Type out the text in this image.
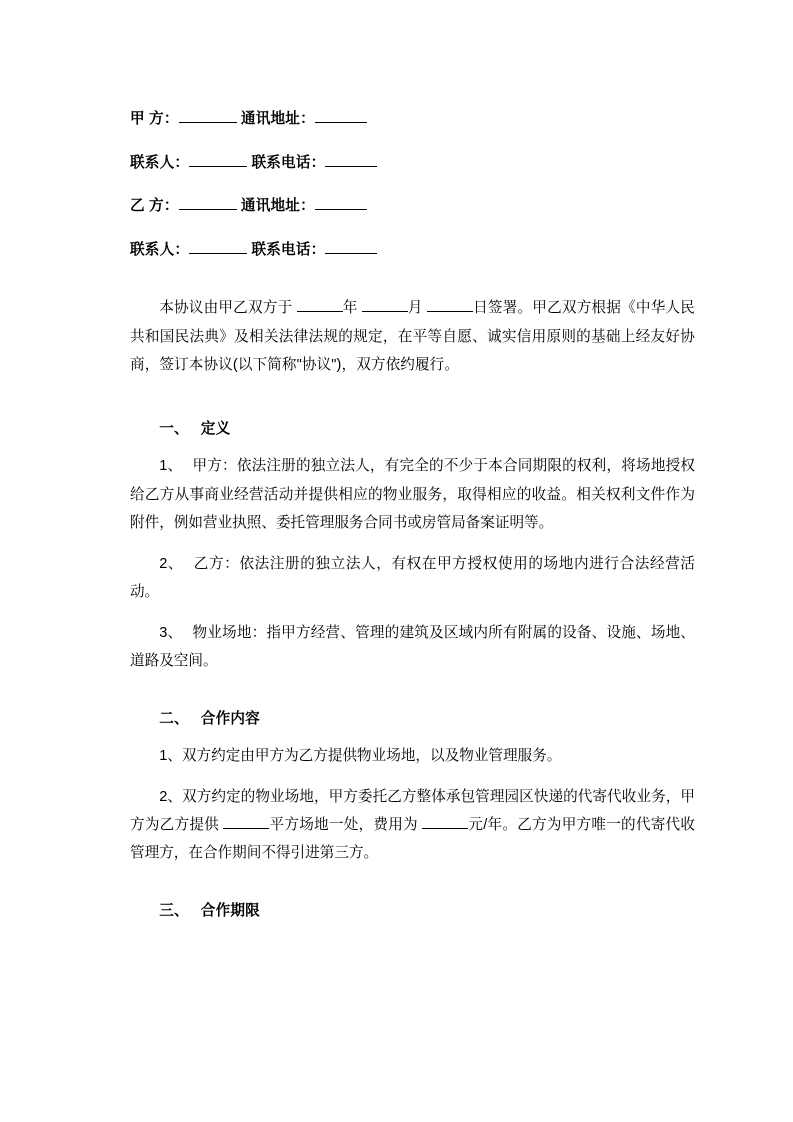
甲 方：	通讯地址：

联系人：	联系电话：

乙 方：	通讯地址：

联系人：	联系电话：

本协议由甲乙双方于	年	月	日签署。甲乙双方根据《中华人民共和国民法典》及相关法律法规的规定，在平等自愿、诚实信用原则的基础上经友好协商，签订本协议(以下简称"协议")，双方依约履行。

一、 定义

1、 甲方：依法注册的独立法人，有完全的不少于本合同期限的权利，将场地授权给乙方从事商业经营活动并提供相应的物业服务，取得相应的收益。相关权利文件作为附件，例如营业执照、委托管理服务合同书或房管局备案证明等。

2、 乙方：依法注册的独立法人，有权在甲方授权使用的场地内进行合法经营活动。

3、 物业场地：指甲方经营、管理的建筑及区域内所有附属的设备、设施、场地、道路及空间。

二、 合作内容

1、双方约定由甲方为乙方提供物业场地，以及物业管理服务。

2、双方约定的物业场地，甲方委托乙方整体承包管理园区快递的代寄代收业务，甲方为乙方提供	平方场地一处，费用为	元/年。乙方为甲方唯一的代寄代收管理方，在合作期间不得引进第三方。

三、 合作期限
